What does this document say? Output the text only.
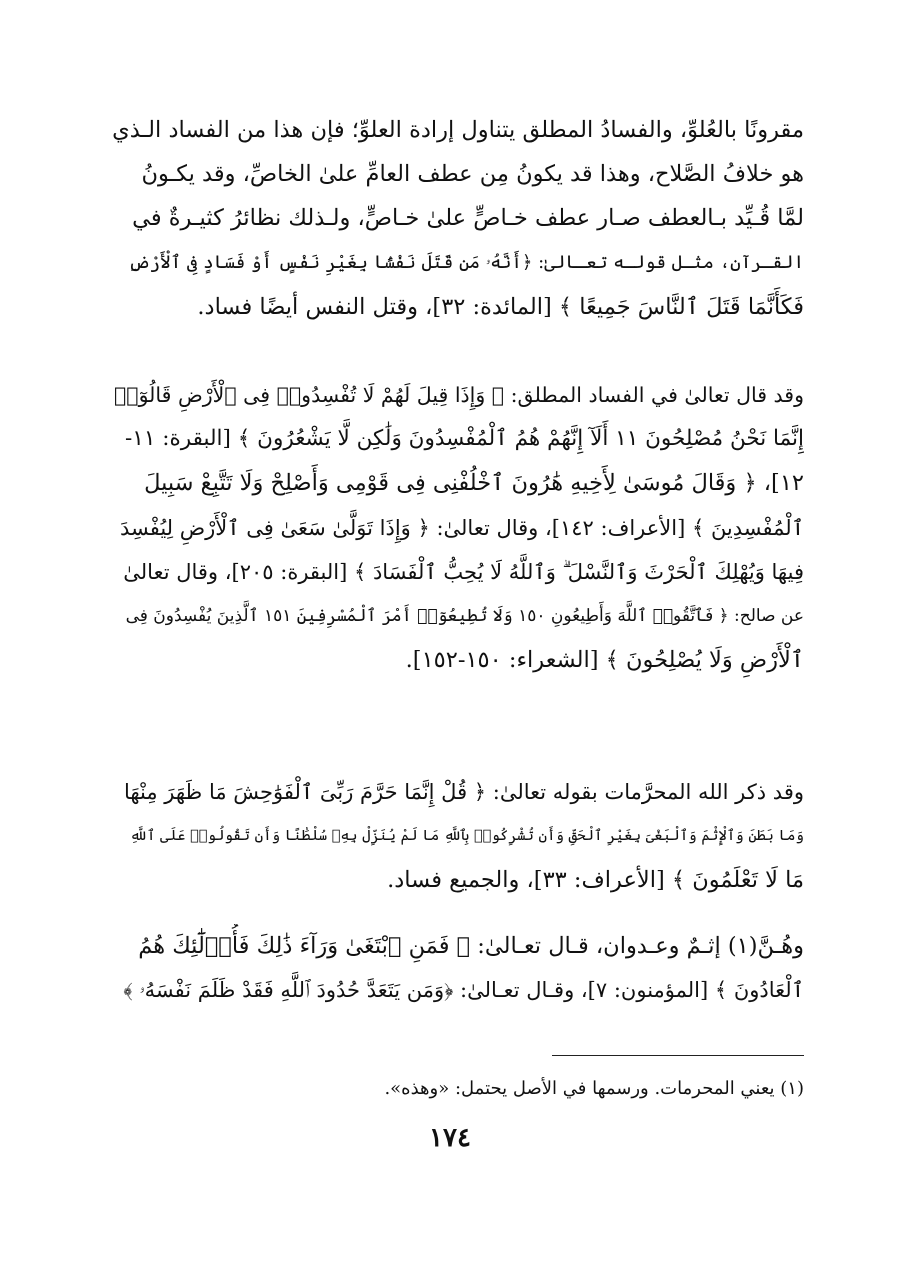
مقرونًا بالعُلوِّ، والفسادُ المطلق يتناول إرادة العلوِّ؛ فإن هذا من الفساد الـذي
هو خلافُ الصَّلاح، وهذا قد يكونُ مِن عطف العامِّ علىٰ الخاصِّ، وقد يكـونُ
لمَّا قُـيِّد بـالعطف صـار عطف خـاصٍّ علىٰ خـاصٍّ، ولـذلك نظائرُ كثيـرةٌ في
القـرآن، مثـل قولـه تعـالىٰ: ﴿أَنَّهُۥ مَن قَتَلَ نَفْسًۢا بِغَيْرِ نَفْسٍ أَوْ فَسَادٍ فِى ٱلْأَرْضِ
فَكَأَنَّمَا قَتَلَ ٱلنَّاسَ جَمِيعًا ﴾ [المائدة: ٣٢]، وقتل النفس أيضًا فساد.
وقد قال تعالىٰ في الفساد المطلق: ﴿ وَإِذَا قِيلَ لَهُمْ لَا تُفْسِدُوا۟ فِى ٱلْأَرْضِ قَالُوٓا۟
إِنَّمَا نَحْنُ مُصْلِحُونَ ١١ أَلَآ إِنَّهُمْ هُمُ ٱلْمُفْسِدُونَ وَلَٰكِن لَّا يَشْعُرُونَ ﴾ [البقرة: ١١-
١٢]، ﴿ وَقَالَ مُوسَىٰ لِأَخِيهِ هَٰرُونَ ٱخْلُفْنِى فِى قَوْمِى وَأَصْلِحْ وَلَا تَتَّبِعْ سَبِيلَ
ٱلْمُفْسِدِينَ ﴾ [الأعراف: ١٤٢]، وقال تعالىٰ: ﴿ وَإِذَا تَوَلَّىٰ سَعَىٰ فِى ٱلْأَرْضِ لِيُفْسِدَ
فِيهَا وَيُهْلِكَ ٱلْحَرْثَ وَٱلنَّسْلَ ۗ وَٱللَّهُ لَا يُحِبُّ ٱلْفَسَادَ ﴾ [البقرة: ٢٠٥]، وقال تعالىٰ
عن صالح: ﴿ فَٱتَّقُوا۟ ٱللَّهَ وَأَطِيعُونِ ١٥٠ وَلَا تُطِيعُوٓا۟ أَمْرَ ٱلْمُسْرِفِينَ ١٥١ ٱلَّذِينَ يُفْسِدُونَ فِى
ٱلْأَرْضِ وَلَا يُصْلِحُونَ ﴾ [الشعراء: ١٥٠-١٥٢].
وقد ذكر الله المحرَّمات بقوله تعالىٰ: ﴿ قُلْ إِنَّمَا حَرَّمَ رَبِّىَ ٱلْفَوَٰحِشَ مَا ظَهَرَ مِنْهَا
وَمَا بَطَنَ وَٱلْإِثْمَ وَٱلْبَغْىَ بِغَيْرِ ٱلْحَقِّ وَأَن تُشْرِكُوا۟ بِٱللَّهِ مَا لَمْ يُنَزِّلْ بِهِۦ سُلْطَٰنًا وَأَن تَقُولُوا۟ عَلَى ٱللَّهِ
مَا لَا تَعْلَمُونَ ﴾ [الأعراف: ٣٣]، والجميع فساد.
وهُـنَّ(١) إثـمٌ وعـدوان، قـال تعـالىٰ: ﴿ فَمَنِ ٱبْتَغَىٰ وَرَآءَ ذَٰلِكَ فَأُو۟لَٰٓئِكَ هُمُ
ٱلْعَادُونَ ﴾ [المؤمنون: ٧]، وقـال تعـالىٰ: ﴿وَمَن يَتَعَدَّ حُدُودَ ٱللَّهِ فَقَدْ ظَلَمَ نَفْسَهُۥ ﴾
(١) يعني المحرمات. ورسمها في الأصل يحتمل: «وهذه».
١٧٤
